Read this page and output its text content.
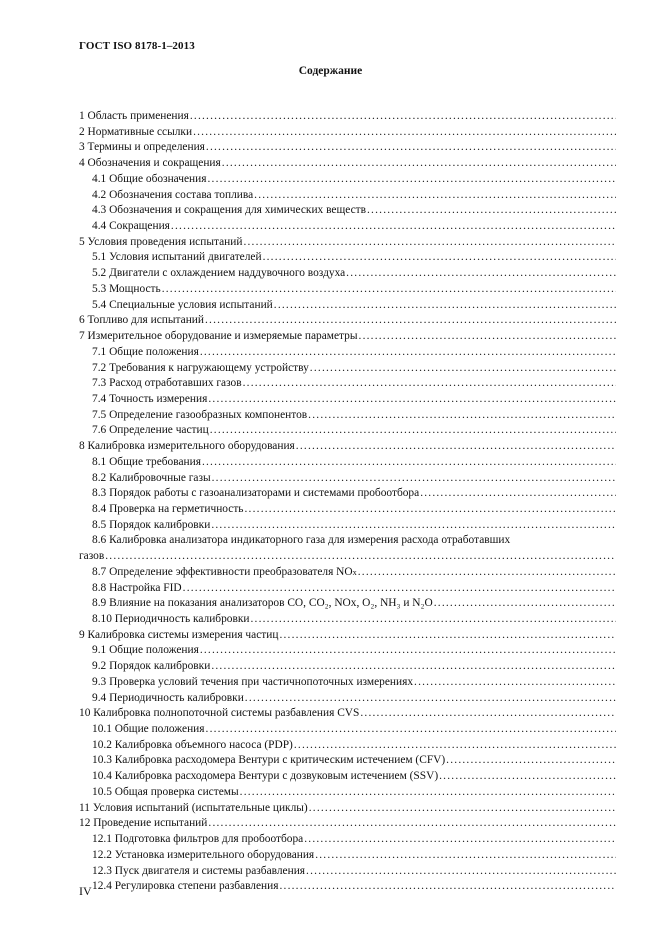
ГОСТ ISO 8178-1–2013
Содержание
1 Область применения
.....
2 Нормативные ссылки
.....
3 Термины и определения
.....
4 Обозначения и сокращения
.....
4.1 Общие обозначения
.....
4.2 Обозначения состава топлива
.....
4.3 Обозначения и сокращения для химических веществ
.....
4.4 Сокращения
.....
5 Условия проведения испытаний
.....
5.1 Условия испытаний двигателей
.....
5.2 Двигатели с охлаждением наддувочного воздуха
.....
5.3 Мощность
.....
5.4 Специальные условия испытаний
.....
6 Топливо для испытаний
.....
7 Измерительное оборудование и измеряемые параметры
.....
7.1 Общие положения
.....
7.2 Требования к нагружающему устройству
.....
7.3 Расход отработавших газов
.....
7.4 Точность измерения
.....
7.5 Определение газообразных компонентов
.....
7.6 Определение частиц
.....
8 Калибровка измерительного оборудования
.....
8.1 Общие требования
.....
8.2 Калибровочные газы
.....
8.3 Порядок работы с газоанализаторами и системами пробоотбора
.....
8.4 Проверка на герметичность
.....
8.5 Порядок калибровки
.....
8.6 Калибровка анализатора индикаторного газа для измерения расхода отработавших
газов
.....
8.7 Определение эффективности преобразователя NO x
.....
8.8 Настройка FID
.....
8.9 Влияние на показания анализаторов CO, CO₂, NOx, O₂, NH₃ и N₂O
.....
8.10 Периодичность калибровки
.....
9 Калибровка системы измерения частиц
.....
9.1 Общие положения
.....
9.2 Порядок калибровки
.....
9.3 Проверка условий течения при частичнопоточных измерениях
.....
9.4 Периодичность калибровки
.....
10 Калибровка полнопоточной системы разбавления CVS
.....
10.1 Общие положения
.....
10.2 Калибровка объемного насоса (PDP)
.....
10.3 Калибровка расходомера Вентури с критическим истечением (CFV)
.....
10.4 Калибровка расходомера Вентури с дозвуковым истечением (SSV)
.....
10.5 Общая проверка системы
.....
11 Условия испытаний (испытательные циклы)
.....
12 Проведение испытаний
.....
12.1 Подготовка фильтров для пробоотбора
.....
12.2 Установка измерительного оборудования
.....
12.3 Пуск двигателя и системы разбавления
.....
12.4 Регулировка степени разбавления
.....
IV
